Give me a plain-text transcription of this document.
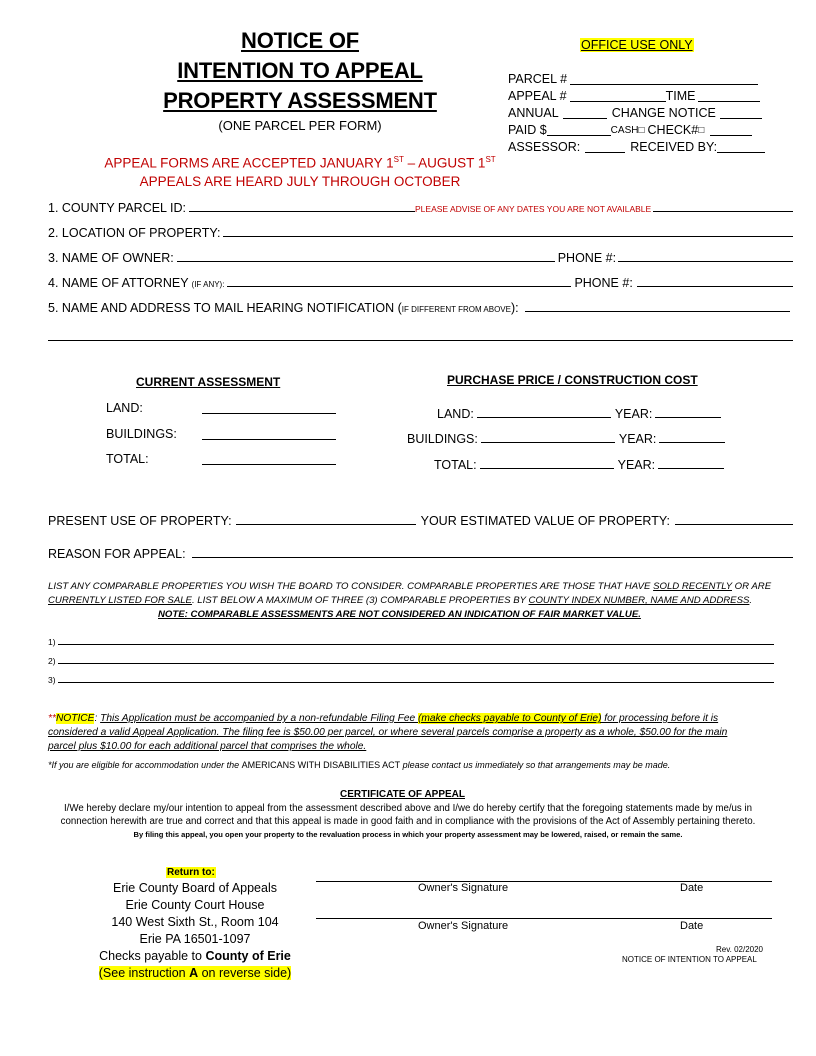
NOTICE OF
INTENTION TO APPEAL
PROPERTY ASSESSMENT
(ONE PARCEL PER FORM)
APPEAL FORMS ARE ACCEPTED JANUARY 1ST – AUGUST 1ST
APPEALS ARE HEARD JULY THROUGH OCTOBER
OFFICE USE ONLY
PARCEL #
APPEAL #	TIME
ANNUAL	CHANGE NOTICE
PAID $	CASH □ CHECK# □
ASSESSOR:	RECEIVED BY:
1. COUNTY PARCEL ID:	PLEASE ADVISE OF ANY DATES YOU ARE NOT AVAILABLE
2. LOCATION OF PROPERTY:
3. NAME OF OWNER:	PHONE #:
4. NAME OF ATTORNEY (IF ANY):	PHONE #:
5. NAME AND ADDRESS TO MAIL HEARING NOTIFICATION ( IF DIFFERENT FROM ABOVE ):
CURRENT ASSESSMENT
LAND:
BUILDINGS:
TOTAL:
PURCHASE PRICE / CONSTRUCTION COST
LAND:	YEAR:
BUILDINGS:	YEAR:
TOTAL:	YEAR:
PRESENT USE OF PROPERTY:	YOUR ESTIMATED VALUE OF PROPERTY:
REASON FOR APPEAL:
LIST ANY COMPARABLE PROPERTIES YOU WISH THE BOARD TO CONSIDER. COMPARABLE PROPERTIES ARE THOSE THAT HAVE SOLD RECENTLY OR ARE
CURRENTLY LISTED FOR SALE. LIST BELOW A MAXIMUM OF THREE (3) COMPARABLE PROPERTIES BY COUNTY INDEX NUMBER, NAME AND ADDRESS.
NOTE: COMPARABLE ASSESSMENTS ARE NOT CONSIDERED AN INDICATION OF FAIR MARKET VALUE.
1)
2)
3)
**NOTICE: This Application must be accompanied by a non-refundable Filing Fee (make checks payable to County of Erie) for processing before it is
considered a valid Appeal Application. The filing fee is $50.00 per parcel, or where several parcels comprise a property as a whole, $50.00 for the main
parcel plus $10.00 for each additional parcel that comprises the whole.
*If you are eligible for accommodation under the AMERICANS WITH DISABILITIES ACT please contact us immediately so that arrangements may be made.
CERTIFICATE OF APPEAL
I/We hereby declare my/our intention to appeal from the assessment described above and I/we do hereby certify that the foregoing statements made by me/us in
connection herewith are true and correct and that this appeal is made in good faith and in compliance with the provisions of the Act of Assembly pertaining thereto.
By filing this appeal, you open your property to the revaluation process in which your property assessment may be lowered, raised, or remain the same.
Return to:
Erie County Board of Appeals
Erie County Court House
140 West Sixth St., Room 104
Erie PA 16501-1097
Checks payable to County of Erie
(See instruction A on reverse side)
Owner's Signature	Date
Owner's Signature	Date
Rev. 02/2020
NOTICE OF INTENTION TO APPEAL
